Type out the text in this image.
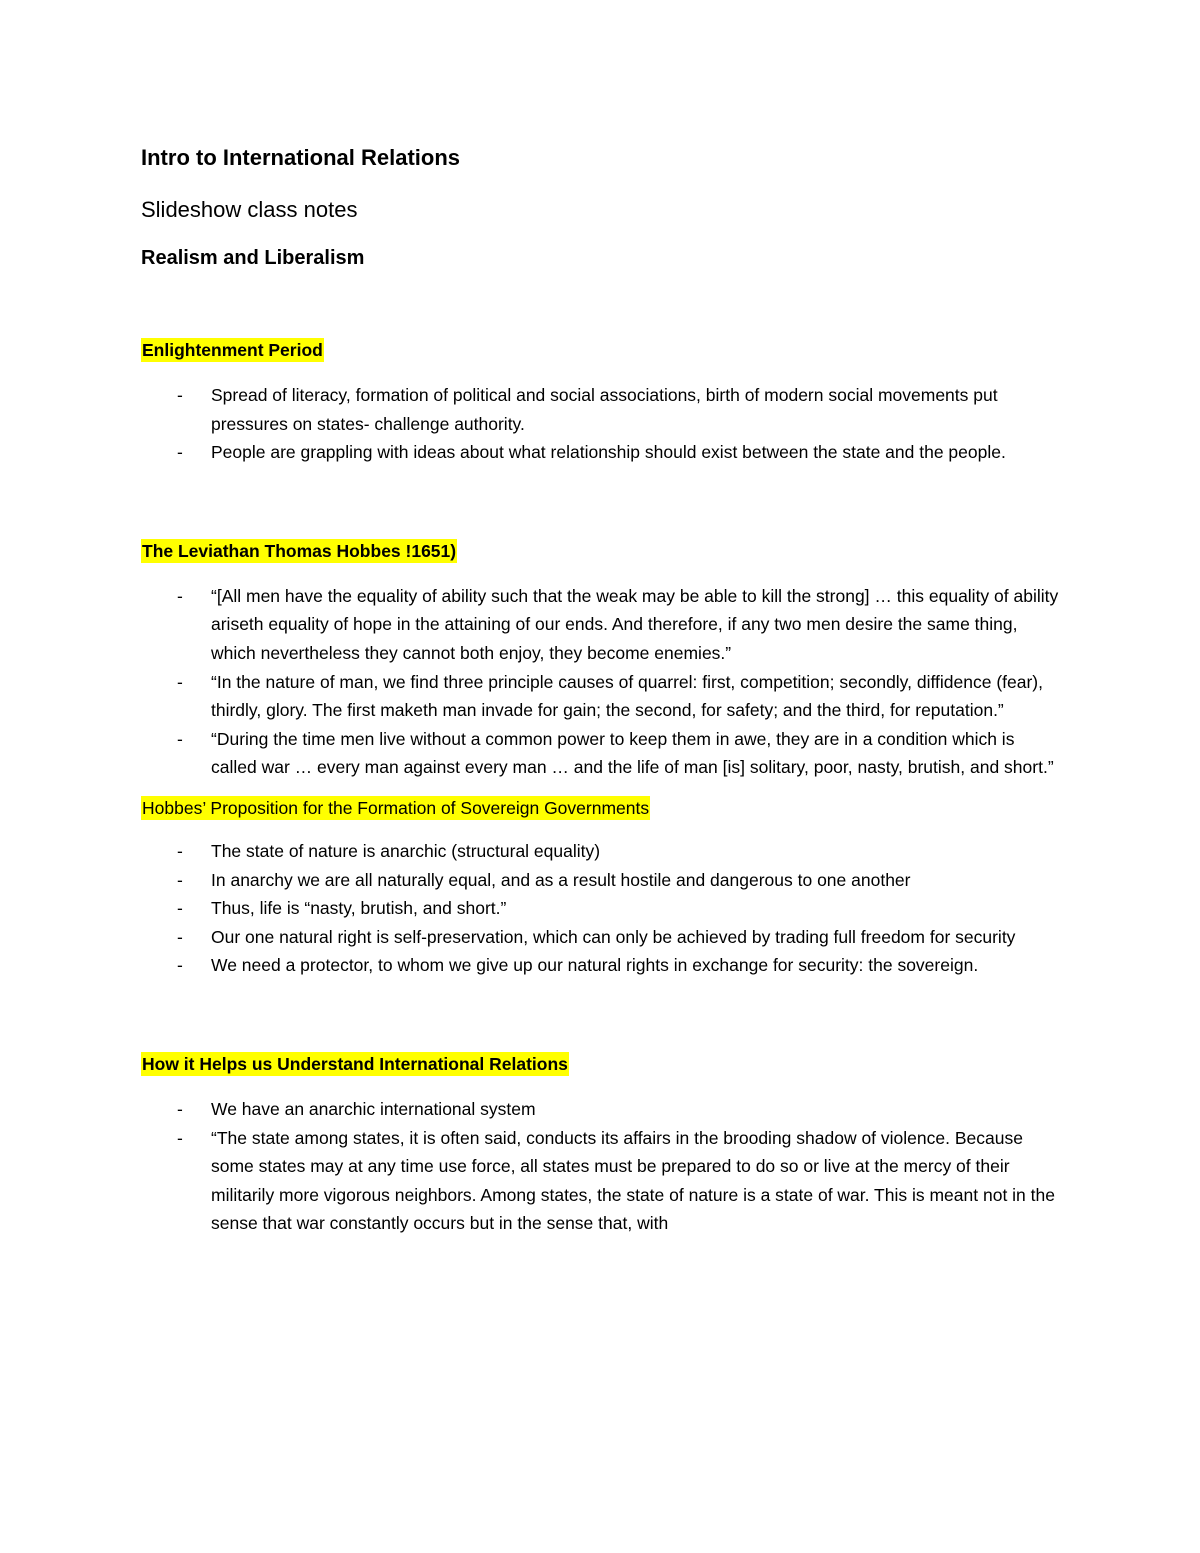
Intro to International Relations
Slideshow class notes
Realism and Liberalism

Enlightenment Period

- Spread of literacy, formation of political and social associations, birth of modern social movements put pressures on states- challenge authority.
- People are grappling with ideas about what relationship should exist between the state and the people.

The Leviathan Thomas Hobbes !1651)

- “[All men have the equality of ability such that the weak may be able to kill the strong] … this equality of ability ariseth equality of hope in the attaining of our ends. And therefore, if any two men desire the same thing, which nevertheless they cannot both enjoy, they become enemies.”
- “In the nature of man, we find three principle causes of quarrel: first, competition; secondly, diffidence (fear), thirdly, glory. The first maketh man invade for gain; the second, for safety; and the third, for reputation.”
- “During the time men live without a common power to keep them in awe, they are in a condition which is called war … every man against every man … and the life of man [is] solitary, poor, nasty, brutish, and short.”

Hobbes’ Proposition for the Formation of Sovereign Governments

- The state of nature is anarchic (structural equality)
- In anarchy we are all naturally equal, and as a result hostile and dangerous to one another
- Thus, life is “nasty, brutish, and short.”
- Our one natural right is self-preservation, which can only be achieved by trading full freedom for security
- We need a protector, to whom we give up our natural rights in exchange for security: the sovereign.

How it Helps us Understand International Relations

- We have an anarchic international system
- “The state among states, it is often said, conducts its affairs in the brooding shadow of violence. Because some states may at any time use force, all states must be prepared to do so or live at the mercy of their militarily more vigorous neighbors. Among states, the state of nature is a state of war. This is meant not in the sense that war constantly occurs but in the sense that, with
